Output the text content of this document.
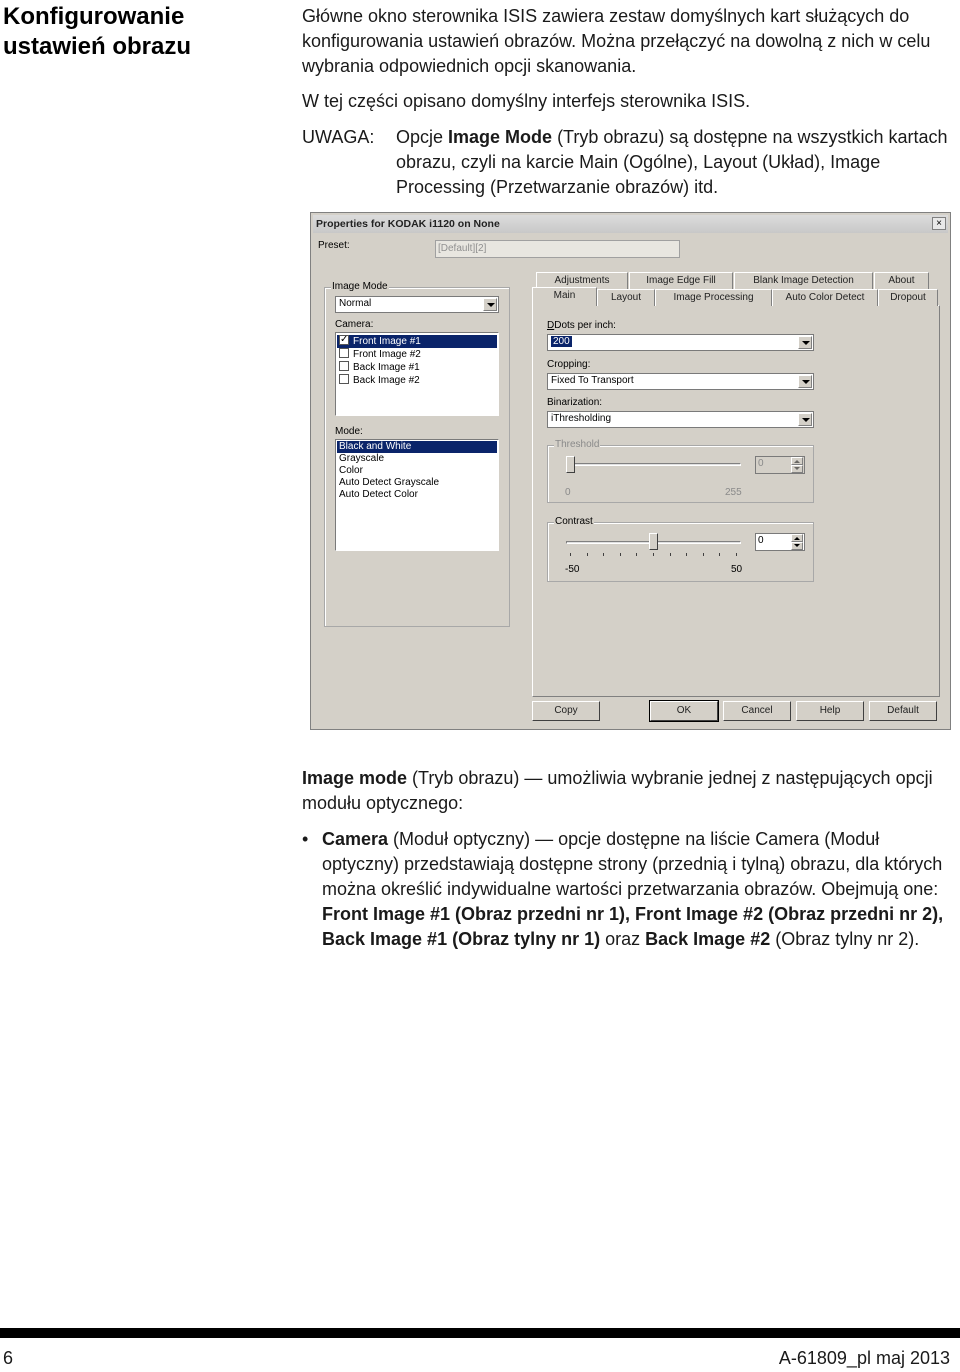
Konfigurowanie ustawień obrazu
Główne okno sterownika ISIS zawiera zestaw domyślnych kart służących do konfigurowania ustawień obrazów. Można przełączyć na dowolną z nich w celu wybrania odpowiednich opcji skanowania.
W tej części opisano domyślny interfejs sterownika ISIS.
UWAGA: Opcje Image Mode (Tryb obrazu) są dostępne na wszystkich kartach obrazu, czyli na karcie Main (Ogólne), Layout (Układ), Image Processing (Przetwarzanie obrazów) itd.
Properties for KODAK i1120 on None	×
Preset:	[Default][2]
Image Mode
Normal
Camera:
✓Front Image #1
Front Image #2
Back Image #1
Back Image #2
Mode:
Black and White
Grayscale
Color
Auto Detect Grayscale
Auto Detect Color
DDots per inch:
200
Cropping:
Fixed To Transport
Binarization:
iThresholding
Threshold
0	255
0
Contrast
-50	50
0
Adjustments	Image Edge Fill	Blank Image Detection	About
Main	Layout	Image Processing	Auto Color Detect	Dropout
Copy	OK	Cancel	Help	Default
Image mode (Tryb obrazu) — umożliwia wybranie jednej z następujących opcji modułu optycznego:
• Camera (Moduł optyczny) — opcje dostępne na liście Camera (Moduł optyczny) przedstawiają dostępne strony (przednią i tylną) obrazu, dla których można określić indywidualne wartości przetwarzania obrazów. Obejmują one: Front Image #1 (Obraz przedni nr 1), Front Image #2 (Obraz przedni nr 2), Back Image #1 (Obraz tylny nr 1) oraz Back Image #2 (Obraz tylny nr 2).
6	A-61809_pl maj 2013
